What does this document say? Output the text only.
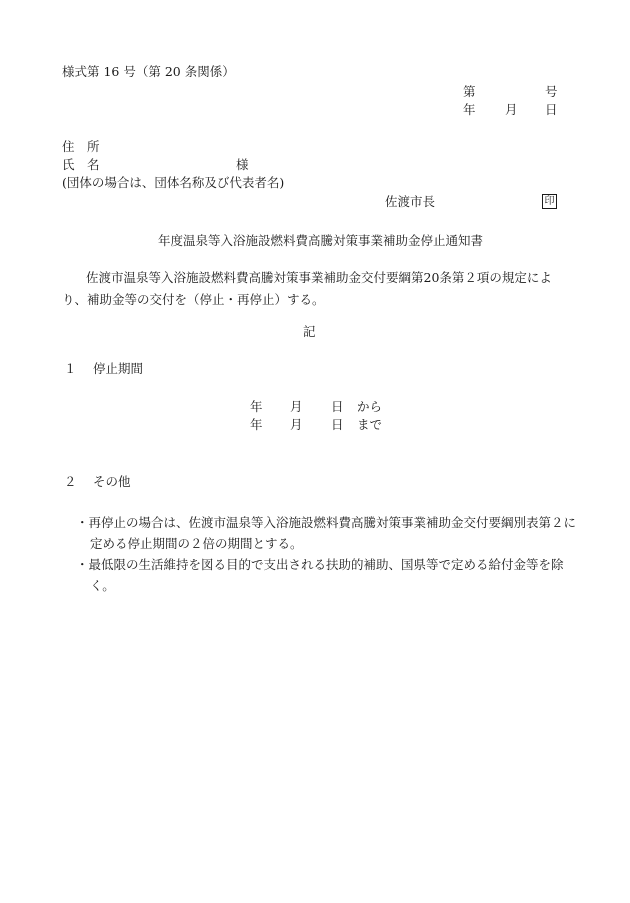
様式第 16 号（第 20 条関係）
第	号
年 月 日
住　所
氏　名	様
(団体の場合は、団体名称及び代表者名)
佐渡市長	印
年度温泉等入浴施設燃料費高騰対策事業補助金停止通知書
佐渡市温泉等入浴施設燃料費高騰対策事業補助金交付要綱第20条第２項の規定により、補助金等の交付を（停止・再停止）する。
記
１　 停止期間
年 月 日 から
年 月 日 まで
２　 その他
・再停止の場合は、佐渡市温泉等入浴施設燃料費高騰対策事業補助金交付要綱別表第２に定める停止期間の２倍の期間とする。
・最低限の生活維持を図る目的で支出される扶助的補助、国県等で定める給付金等を除く。
